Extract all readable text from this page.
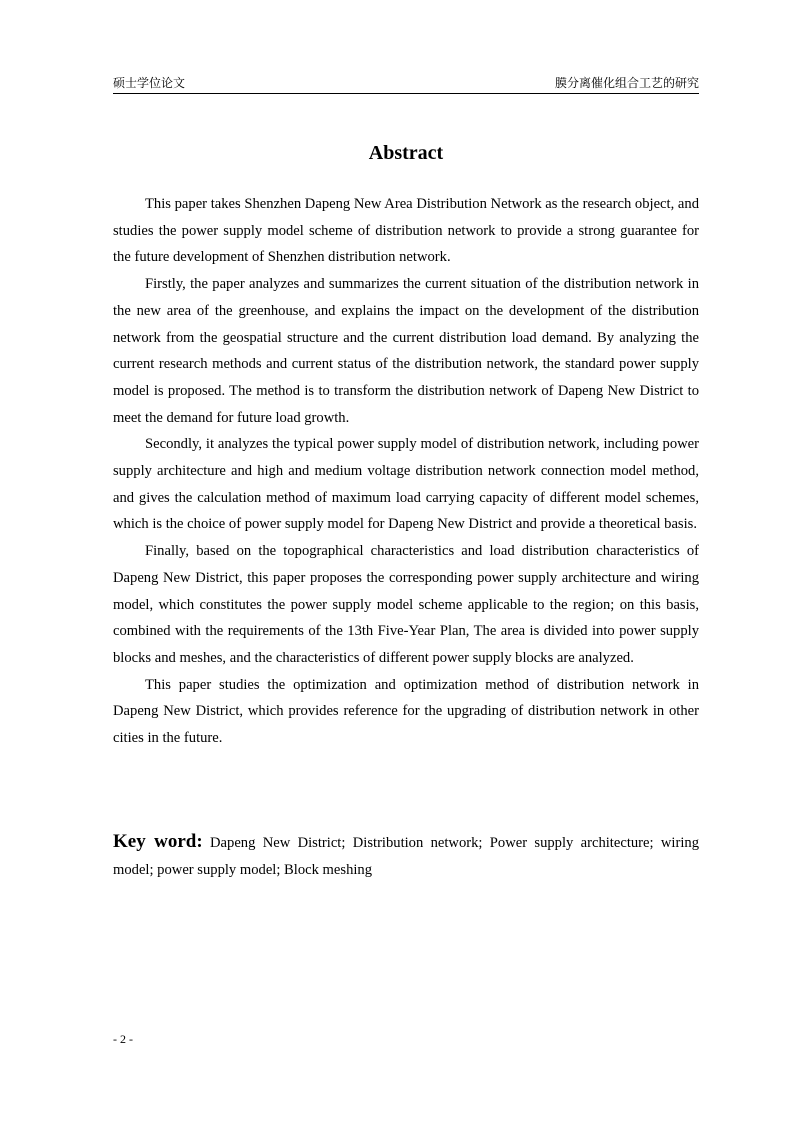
硕士学位论文	膜分离催化组合工艺的研究
Abstract

This paper takes Shenzhen Dapeng New Area Distribution Network as the research object, and studies the power supply model scheme of distribution network to provide a strong guarantee for the future development of Shenzhen distribution network.

Firstly, the paper analyzes and summarizes the current situation of the distribution network in the new area of the greenhouse, and explains the impact on the development of the distribution network from the geospatial structure and the current distribution load demand. By analyzing the current research methods and current status of the distribution network, the standard power supply model is proposed. The method is to transform the distribution network of Dapeng New District to meet the demand for future load growth.

Secondly, it analyzes the typical power supply model of distribution network, including power supply architecture and high and medium voltage distribution network connection model method, and gives the calculation method of maximum load carrying capacity of different model schemes, which is the choice of power supply model for Dapeng New District and provide a theoretical basis.

Finally, based on the topographical characteristics and load distribution characteristics of Dapeng New District, this paper proposes the corresponding power supply architecture and wiring model, which constitutes the power supply model scheme applicable to the region; on this basis, combined with the requirements of the 13th Five-Year Plan, The area is divided into power supply blocks and meshes, and the characteristics of different power supply blocks are analyzed.

This paper studies the optimization and optimization method of distribution network in Dapeng New District, which provides reference for the upgrading of distribution network in other cities in the future.

Key word: Dapeng New District; Distribution network; Power supply architecture; wiring model; power supply model; Block meshing
- 2 -
